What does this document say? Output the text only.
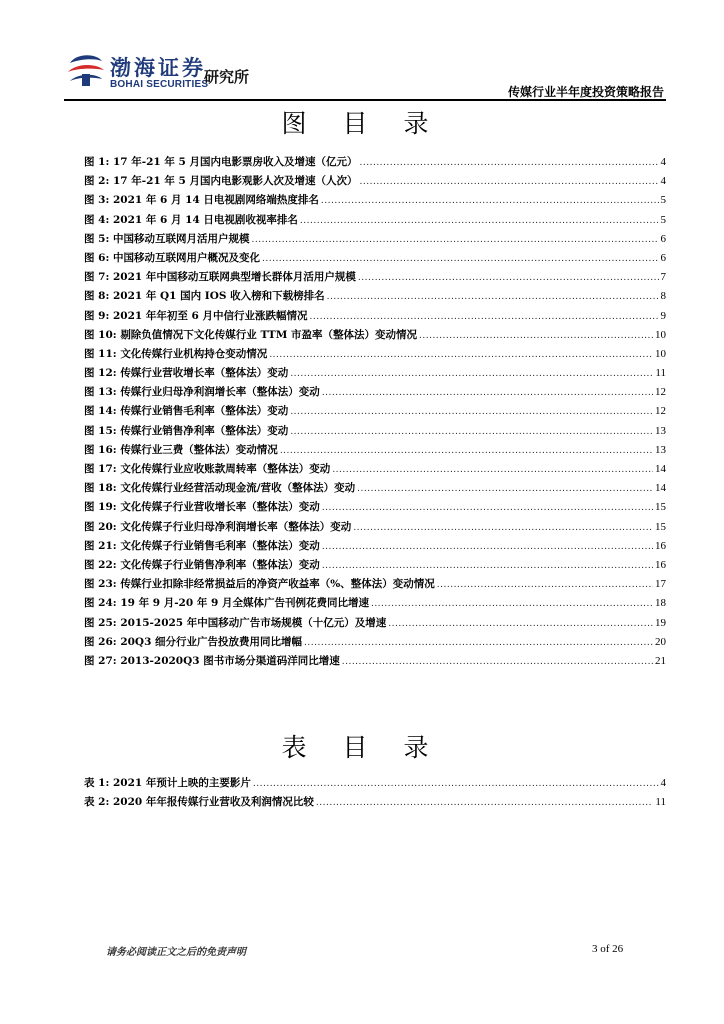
渤海证券
BOHAI SECURITIES
研究所
传媒行业半年度投资策略报告
图 目 录
图 1:
17 年-21 年 5 月国内电影票房收入及增速（亿元） .....	4
图 2:
17 年-21 年 5 月国内电影观影人次及增速（人次） .....	4
图 3:
2021 年 6 月 14 日电视剧网络端热度排名 .....	5
图 4:
2021 年 6 月 14 日电视剧收视率排名 .....	5
图 5:
中国移动互联网月活用户规模 .....	6
图 6:
中国移动互联网用户概况及变化 .....	6
图 7:
2021 年中国移动互联网典型增长群体月活用户规模 .....	7
图 8:
2021 年 Q1 国内 IOS 收入榜和下载榜排名 .....	8
图 9:
2021 年年初至 6 月中信行业涨跌幅情况 .....	9
图 10:
剔除负值情况下文化传媒行业 TTM 市盈率（整体法）变动情况 .....	10
图 11:
文化传媒行业机构持仓变动情况 .....	10
图 12:
传媒行业营收增长率（整体法）变动 .....	11
图 13:
传媒行业归母净利润增长率（整体法）变动 .....	12
图 14:
传媒行业销售毛利率（整体法）变动 .....	12
图 15:
传媒行业销售净利率（整体法）变动 .....	13
图 16:
传媒行业三费（整体法）变动情况 .....	13
图 17:
文化传媒行业应收账款周转率（整体法）变动 .....	14
图 18:
文化传媒行业经营活动现金流/营收（整体法）变动 .....	14
图 19:
文化传媒子行业营收增长率（整体法）变动 .....	15
图 20:
文化传媒子行业归母净利润增长率（整体法）变动 .....	15
图 21:
文化传媒子行业销售毛利率（整体法）变动 .....	16
图 22:
文化传媒子行业销售净利率（整体法）变动 .....	16
图 23:
传媒行业扣除非经常损益后的净资产收益率（%、整体法）变动情况 .....	17
图 24:
19 年 9 月-20 年 9 月全媒体广告刊例花费同比增速 .....	18
图 25:
2015-2025 年中国移动广告市场规模（十亿元）及增速 .....	19
图 26:
20Q3 细分行业广告投放费用同比增幅 .....	20
图 27:
2013-2020Q3 图书市场分渠道码洋同比增速 .....	21
表 目 录
表 1:
2021 年预计上映的主要影片 .....	4
表 2:
2020 年年报传媒行业营收及利润情况比较 .....	11
请务必阅读正文之后的免责声明	3 of 26
